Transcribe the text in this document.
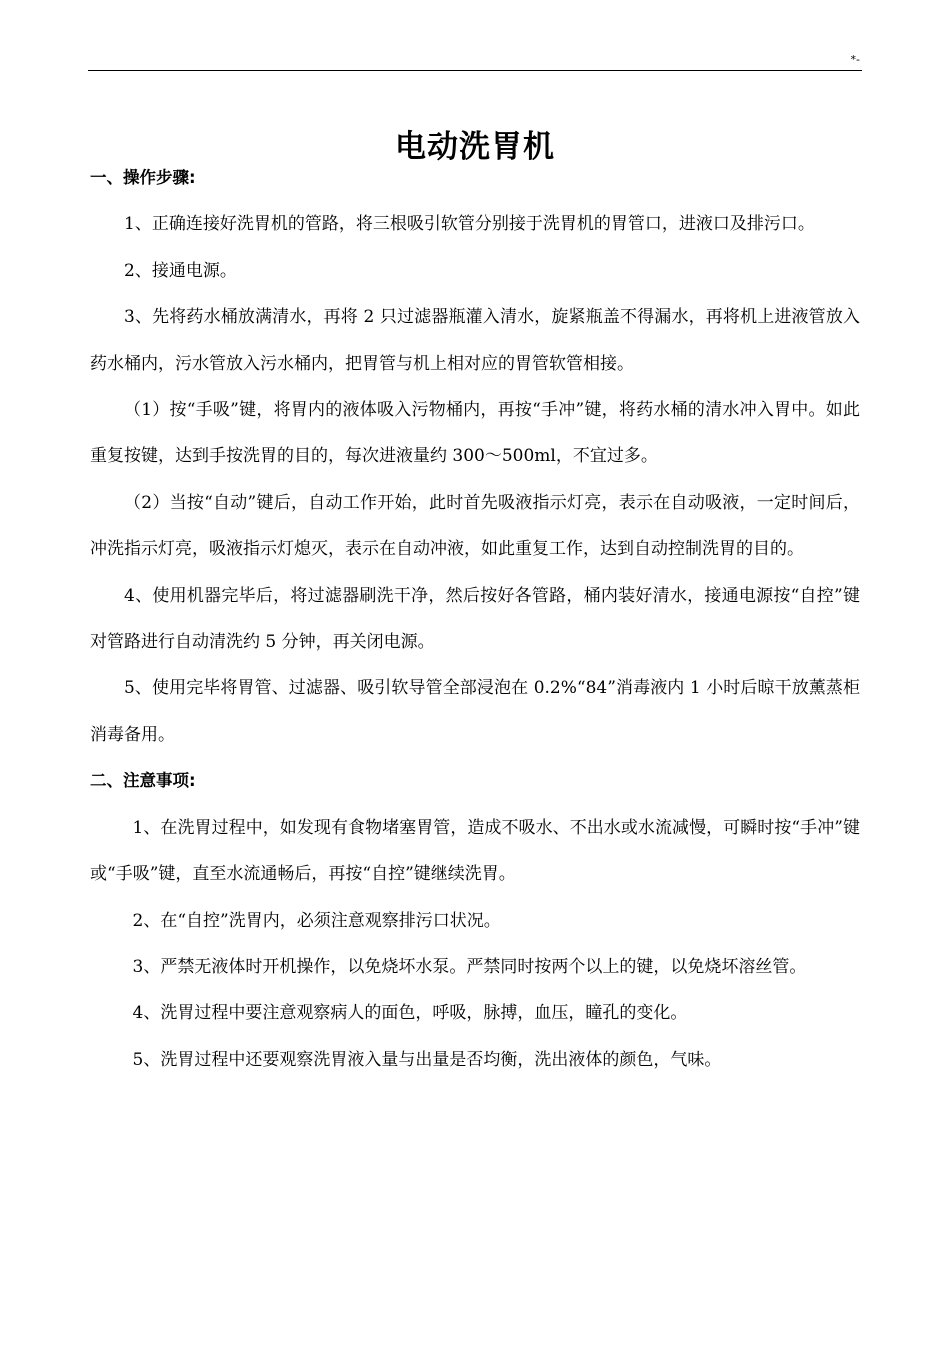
*-
电动洗胃机

一、操作步骤:

1、正确连接好洗胃机的管路，将三根吸引软管分别接于洗胃机的胃管口，进液口及排污口。

2、接通电源。

3、先将药水桶放满清水，再将 2 只过滤器瓶灌入清水，旋紧瓶盖不得漏水，再将机上进液管放入药水桶内，污水管放入污水桶内，把胃管与机上相对应的胃管软管相接。

（1）按“手吸”键，将胃内的液体吸入污物桶内，再按“手冲”键，将药水桶的清水冲入胃中。如此重复按键，达到手按洗胃的目的，每次进液量约 300～500ml，不宜过多。

（2）当按“自动”键后，自动工作开始，此时首先吸液指示灯亮，表示在自动吸液，一定时间后，冲洗指示灯亮，吸液指示灯熄灭，表示在自动冲液，如此重复工作，达到自动控制洗胃的目的。

4、使用机器完毕后，将过滤器刷洗干净，然后按好各管路，桶内装好清水，接通电源按“自控”键对管路进行自动清洗约 5 分钟，再关闭电源。

5、使用完毕将胃管、过滤器、吸引软导管全部浸泡在 0.2%“84”消毒液内 1 小时后晾干放薰蒸柜消毒备用。

二、注意事项:

1、在洗胃过程中，如发现有食物堵塞胃管，造成不吸水、不出水或水流减慢，可瞬时按“手冲”键或“手吸”键，直至水流通畅后，再按“自控”键继续洗胃。

2、在“自控”洗胃内，必须注意观察排污口状况。

3、严禁无液体时开机操作，以免烧坏水泵。严禁同时按两个以上的键，以免烧坏溶丝管。

4、洗胃过程中要注意观察病人的面色，呼吸，脉搏，血压，瞳孔的变化。

5、洗胃过程中还要观察洗胃液入量与出量是否均衡，洗出液体的颜色，气味。
